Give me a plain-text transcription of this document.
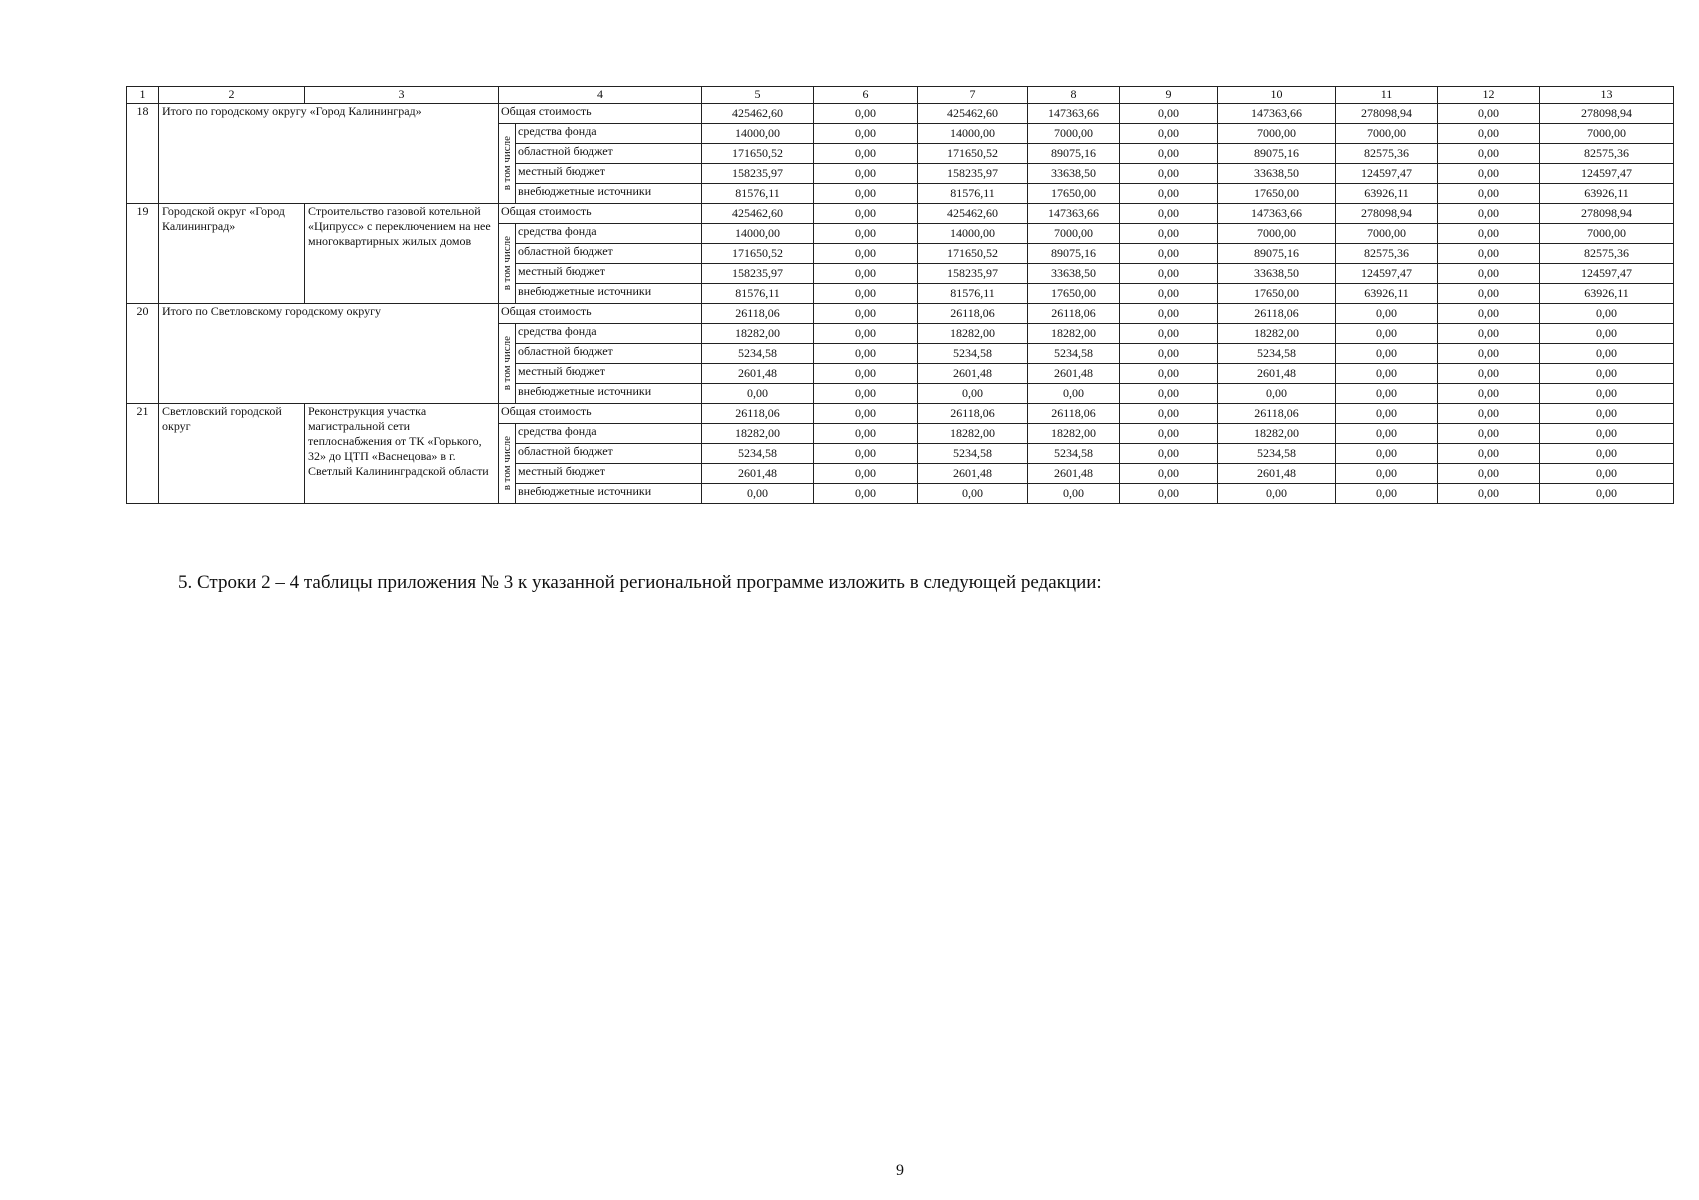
1	2	3	4		5	6	7	8	9	10	11	12	13
18	Итого по городскому округу «Город Калининград»		Общая стоимость		425462,60	0,00	425462,60	147363,66	0,00	147363,66	278098,94	0,00	278098,94

			в том числе	средства фонда	14000,00	0,00	14000,00	7000,00	0,00	7000,00	7000,00	0,00	7000,00
				областной бюджет	171650,52	0,00	171650,52	89075,16	0,00	89075,16	82575,36	0,00	82575,36
				местный бюджет	158235,97	0,00	158235,97	33638,50	0,00	33638,50	124597,47	0,00	124597,47
				внебюджетные источники	81576,11	0,00	81576,11	17650,00	0,00	17650,00	63926,11	0,00	63926,11
19	Городской округ «Город Калининград»	Строительство газовой котельной «Ципрусс» с переключением на нее многоквартирных жилых домов	Общая стоимость		425462,60	0,00	425462,60	147363,66	0,00	147363,66	278098,94	0,00	278098,94

			в том числе	средства фонда	14000,00	0,00	14000,00	7000,00	0,00	7000,00	7000,00	0,00	7000,00
				областной бюджет	171650,52	0,00	171650,52	89075,16	0,00	89075,16	82575,36	0,00	82575,36
				местный бюджет	158235,97	0,00	158235,97	33638,50	0,00	33638,50	124597,47	0,00	124597,47
				внебюджетные источники	81576,11	0,00	81576,11	17650,00	0,00	17650,00	63926,11	0,00	63926,11
20	Итого по Светловскому городскому округу		Общая стоимость		26118,06	0,00	26118,06	26118,06	0,00	26118,06	0,00	0,00	0,00

			в том числе	средства фонда	18282,00	0,00	18282,00	18282,00	0,00	18282,00	0,00	0,00	0,00
				областной бюджет	5234,58	0,00	5234,58	5234,58	0,00	5234,58	0,00	0,00	0,00
				местный бюджет	2601,48	0,00	2601,48	2601,48	0,00	2601,48	0,00	0,00	0,00
				внебюджетные источники	0,00	0,00	0,00	0,00	0,00	0,00	0,00	0,00	0,00
21	Светловский городской округ	Реконструкция участка магистральной сети теплоснабжения от ТК «Горького, 32» до ЦТП «Васнецова» в г. Светлый Калининградской области	Общая стоимость		26118,06	0,00	26118,06	26118,06	0,00	26118,06	0,00	0,00	0,00

			в том числе	средства фонда	18282,00	0,00	18282,00	18282,00	0,00	18282,00	0,00	0,00	0,00
				областной бюджет	5234,58	0,00	5234,58	5234,58	0,00	5234,58	0,00	0,00	0,00
				местный бюджет	2601,48	0,00	2601,48	2601,48	0,00	2601,48	0,00	0,00	0,00
				внебюджетные источники	0,00	0,00	0,00	0,00	0,00	0,00	0,00	0,00	0,00

5. Строки 2 – 4 таблицы приложения № 3 к указанной региональной программе изложить в следующей редакции:

9
